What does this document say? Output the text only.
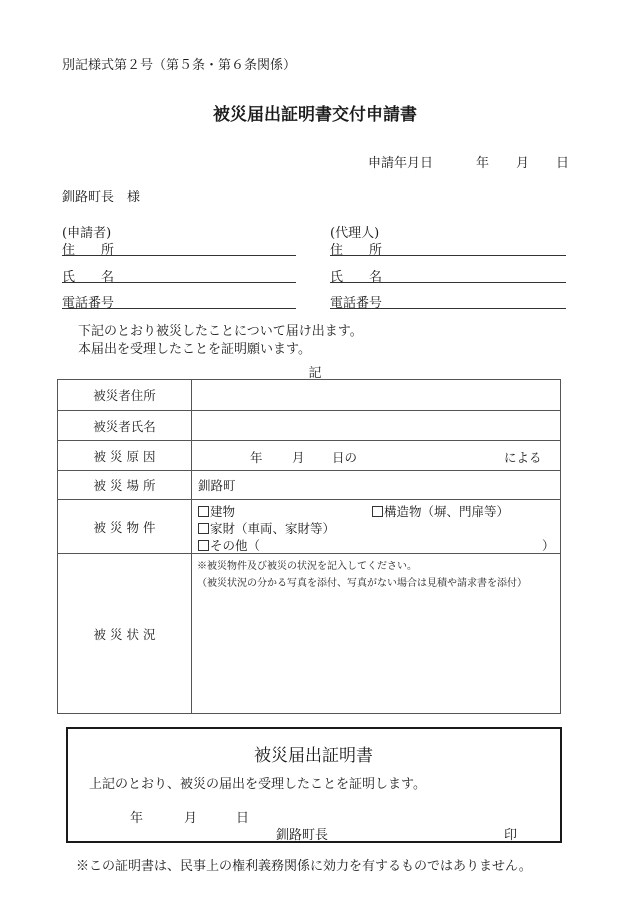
別記様式第２号（第５条・第６条関係）
被災届出証明書交付申請書
申請年月日	年 月 日
釧路町長　様
(申請者)
住　　所
氏　　名
電話番号
(代理人)
住　　所
氏　　名
電話番号
下記のとおり被災したことについて届け出ます。
本届出を受理したことを証明願います。
記
被災者住所	
被災者氏名	
被 災 原 因	年 月 日の による

被 災 場 所	釧路町
被 災 物 件	建物 構造物（塀、門扉等）
家財（車両、家財等）
その他（ ）

被 災 状 況	※被災物件及び被災の状況を記入してください。
（被災状況の分かる写真を添付、写真がない場合は見積や請求書を添付）
被災届出証明書
上記のとおり、被災の届出を受理したことを証明します。
年	月	日
釧路町長	印
※この証明書は、民事上の権利義務関係に効力を有するものではありません。
